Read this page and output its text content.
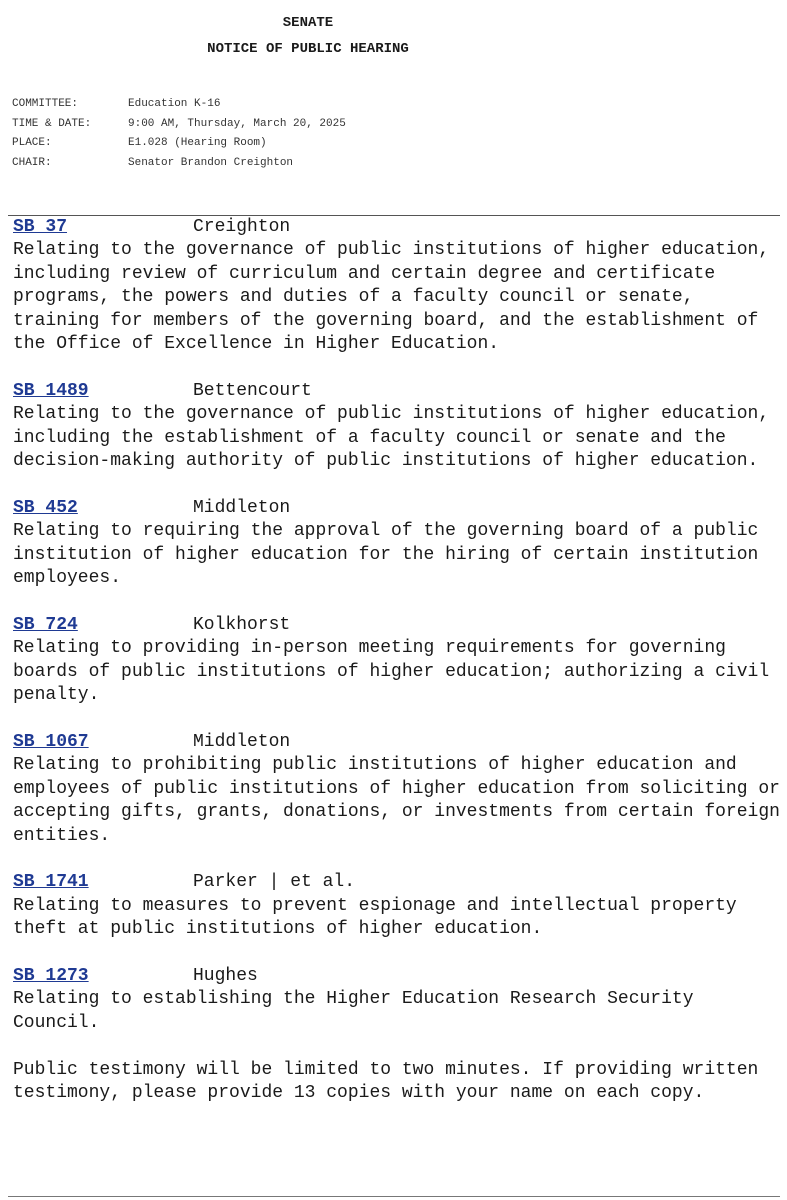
SENATE
NOTICE OF PUBLIC HEARING
COMMITTEE:	Education K-16
TIME & DATE:	9:00 AM, Thursday, March 20, 2025
PLACE:	E1.028 (Hearing Room)
CHAIR:	Senator Brandon Creighton
SB 37	Creighton
Relating to the governance of public institutions of higher education, including review of curriculum and certain degree and certificate programs, the powers and duties of a faculty council or senate, training for members of the governing board, and the establishment of the Office of Excellence in Higher Education.
SB 1489	Bettencourt
Relating to the governance of public institutions of higher education, including the establishment of a faculty council or senate and the decision-making authority of public institutions of higher education.
SB 452	Middleton
Relating to requiring the approval of the governing board of a public institution of higher education for the hiring of certain institution employees.
SB 724	Kolkhorst
Relating to providing in-person meeting requirements for governing boards of public institutions of higher education; authorizing a civil penalty.
SB 1067	Middleton
Relating to prohibiting public institutions of higher education and employees of public institutions of higher education from soliciting or accepting gifts, grants, donations, or investments from certain foreign entities.
SB 1741	Parker | et al.
Relating to measures to prevent espionage and intellectual property theft at public institutions of higher education.
SB 1273	Hughes
Relating to establishing the Higher Education Research Security Council.
Public testimony will be limited to two minutes. If providing written testimony, please provide 13 copies with your name on each copy.
